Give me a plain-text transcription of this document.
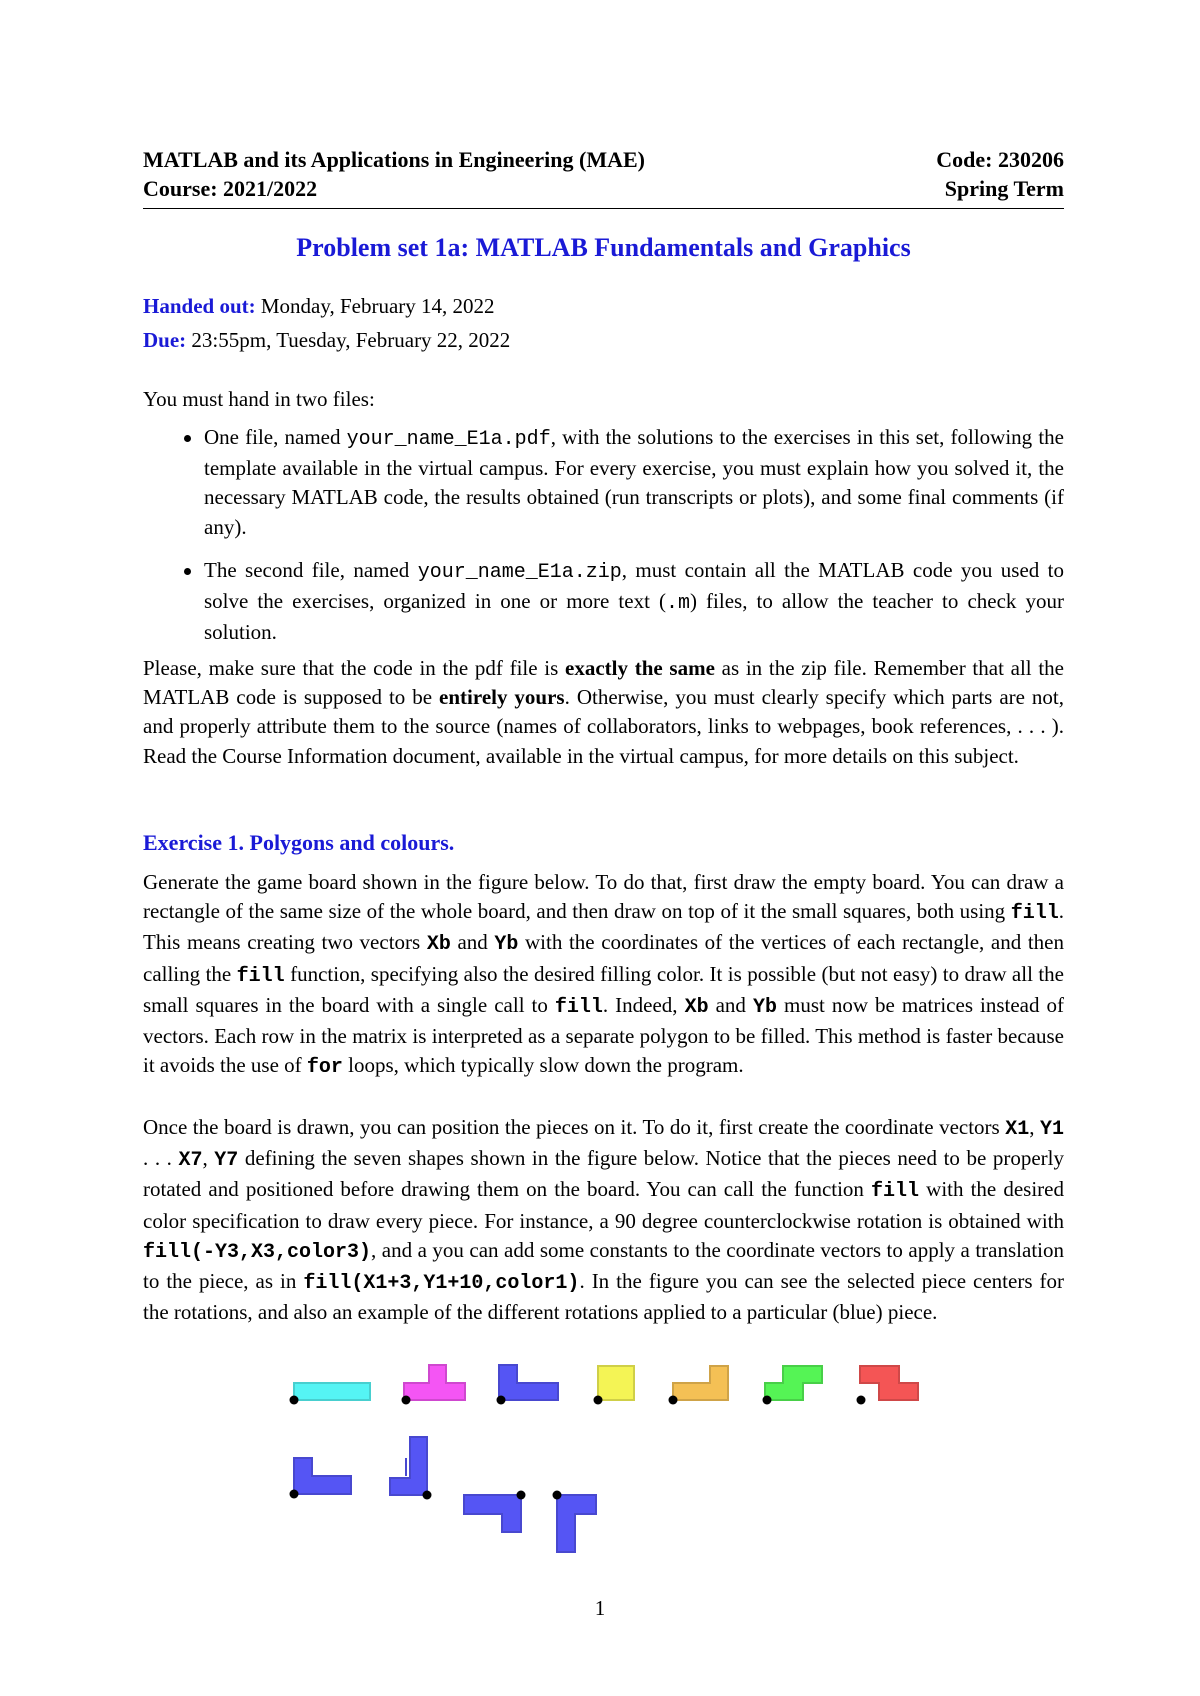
MATLAB and its Applications in Engineering (MAE)	Code: 230206
Course: 2021/2022	Spring Term
Problem set 1a: MATLAB Fundamentals and Graphics
Handed out: Monday, February 14, 2022
Due: 23:55pm, Tuesday, February 22, 2022
You must hand in two files:
One file, named your_name_E1a.pdf, with the solutions to the exercises in this set, following the template available in the virtual campus. For every exercise, you must explain how you solved it, the necessary MATLAB code, the results obtained (run transcripts or plots), and some final comments (if any).
The second file, named your_name_E1a.zip, must contain all the MATLAB code you used to solve the exercises, organized in one or more text (.m) files, to allow the teacher to check your solution.
Please, make sure that the code in the pdf file is exactly the same as in the zip file. Remember that all the MATLAB code is supposed to be entirely yours. Otherwise, you must clearly specify which parts are not, and properly attribute them to the source (names of collaborators, links to webpages, book references, . . . ). Read the Course Information document, available in the virtual campus, for more details on this subject.
Exercise 1. Polygons and colours.
Generate the game board shown in the figure below. To do that, first draw the empty board. You can draw a rectangle of the same size of the whole board, and then draw on top of it the small squares, both using fill. This means creating two vectors Xb and Yb with the coordinates of the vertices of each rectangle, and then calling the fill function, specifying also the desired filling color. It is possible (but not easy) to draw all the small squares in the board with a single call to fill. Indeed, Xb and Yb must now be matrices instead of vectors. Each row in the matrix is interpreted as a separate polygon to be filled. This method is faster because it avoids the use of for loops, which typically slow down the program.
Once the board is drawn, you can position the pieces on it. To do it, first create the coordinate vectors X1, Y1 . . . X7, Y7 defining the seven shapes shown in the figure below. Notice that the pieces need to be properly rotated and positioned before drawing them on the board. You can call the function fill with the desired color specification to draw every piece. For instance, a 90 degree counterclockwise rotation is obtained with fill(-Y3,X3,color3), and a you can add some constants to the coordinate vectors to apply a translation to the piece, as in fill(X1+3,Y1+10,color1). In the figure you can see the selected piece centers for the rotations, and also an example of the different rotations applied to a particular (blue) piece.
1
